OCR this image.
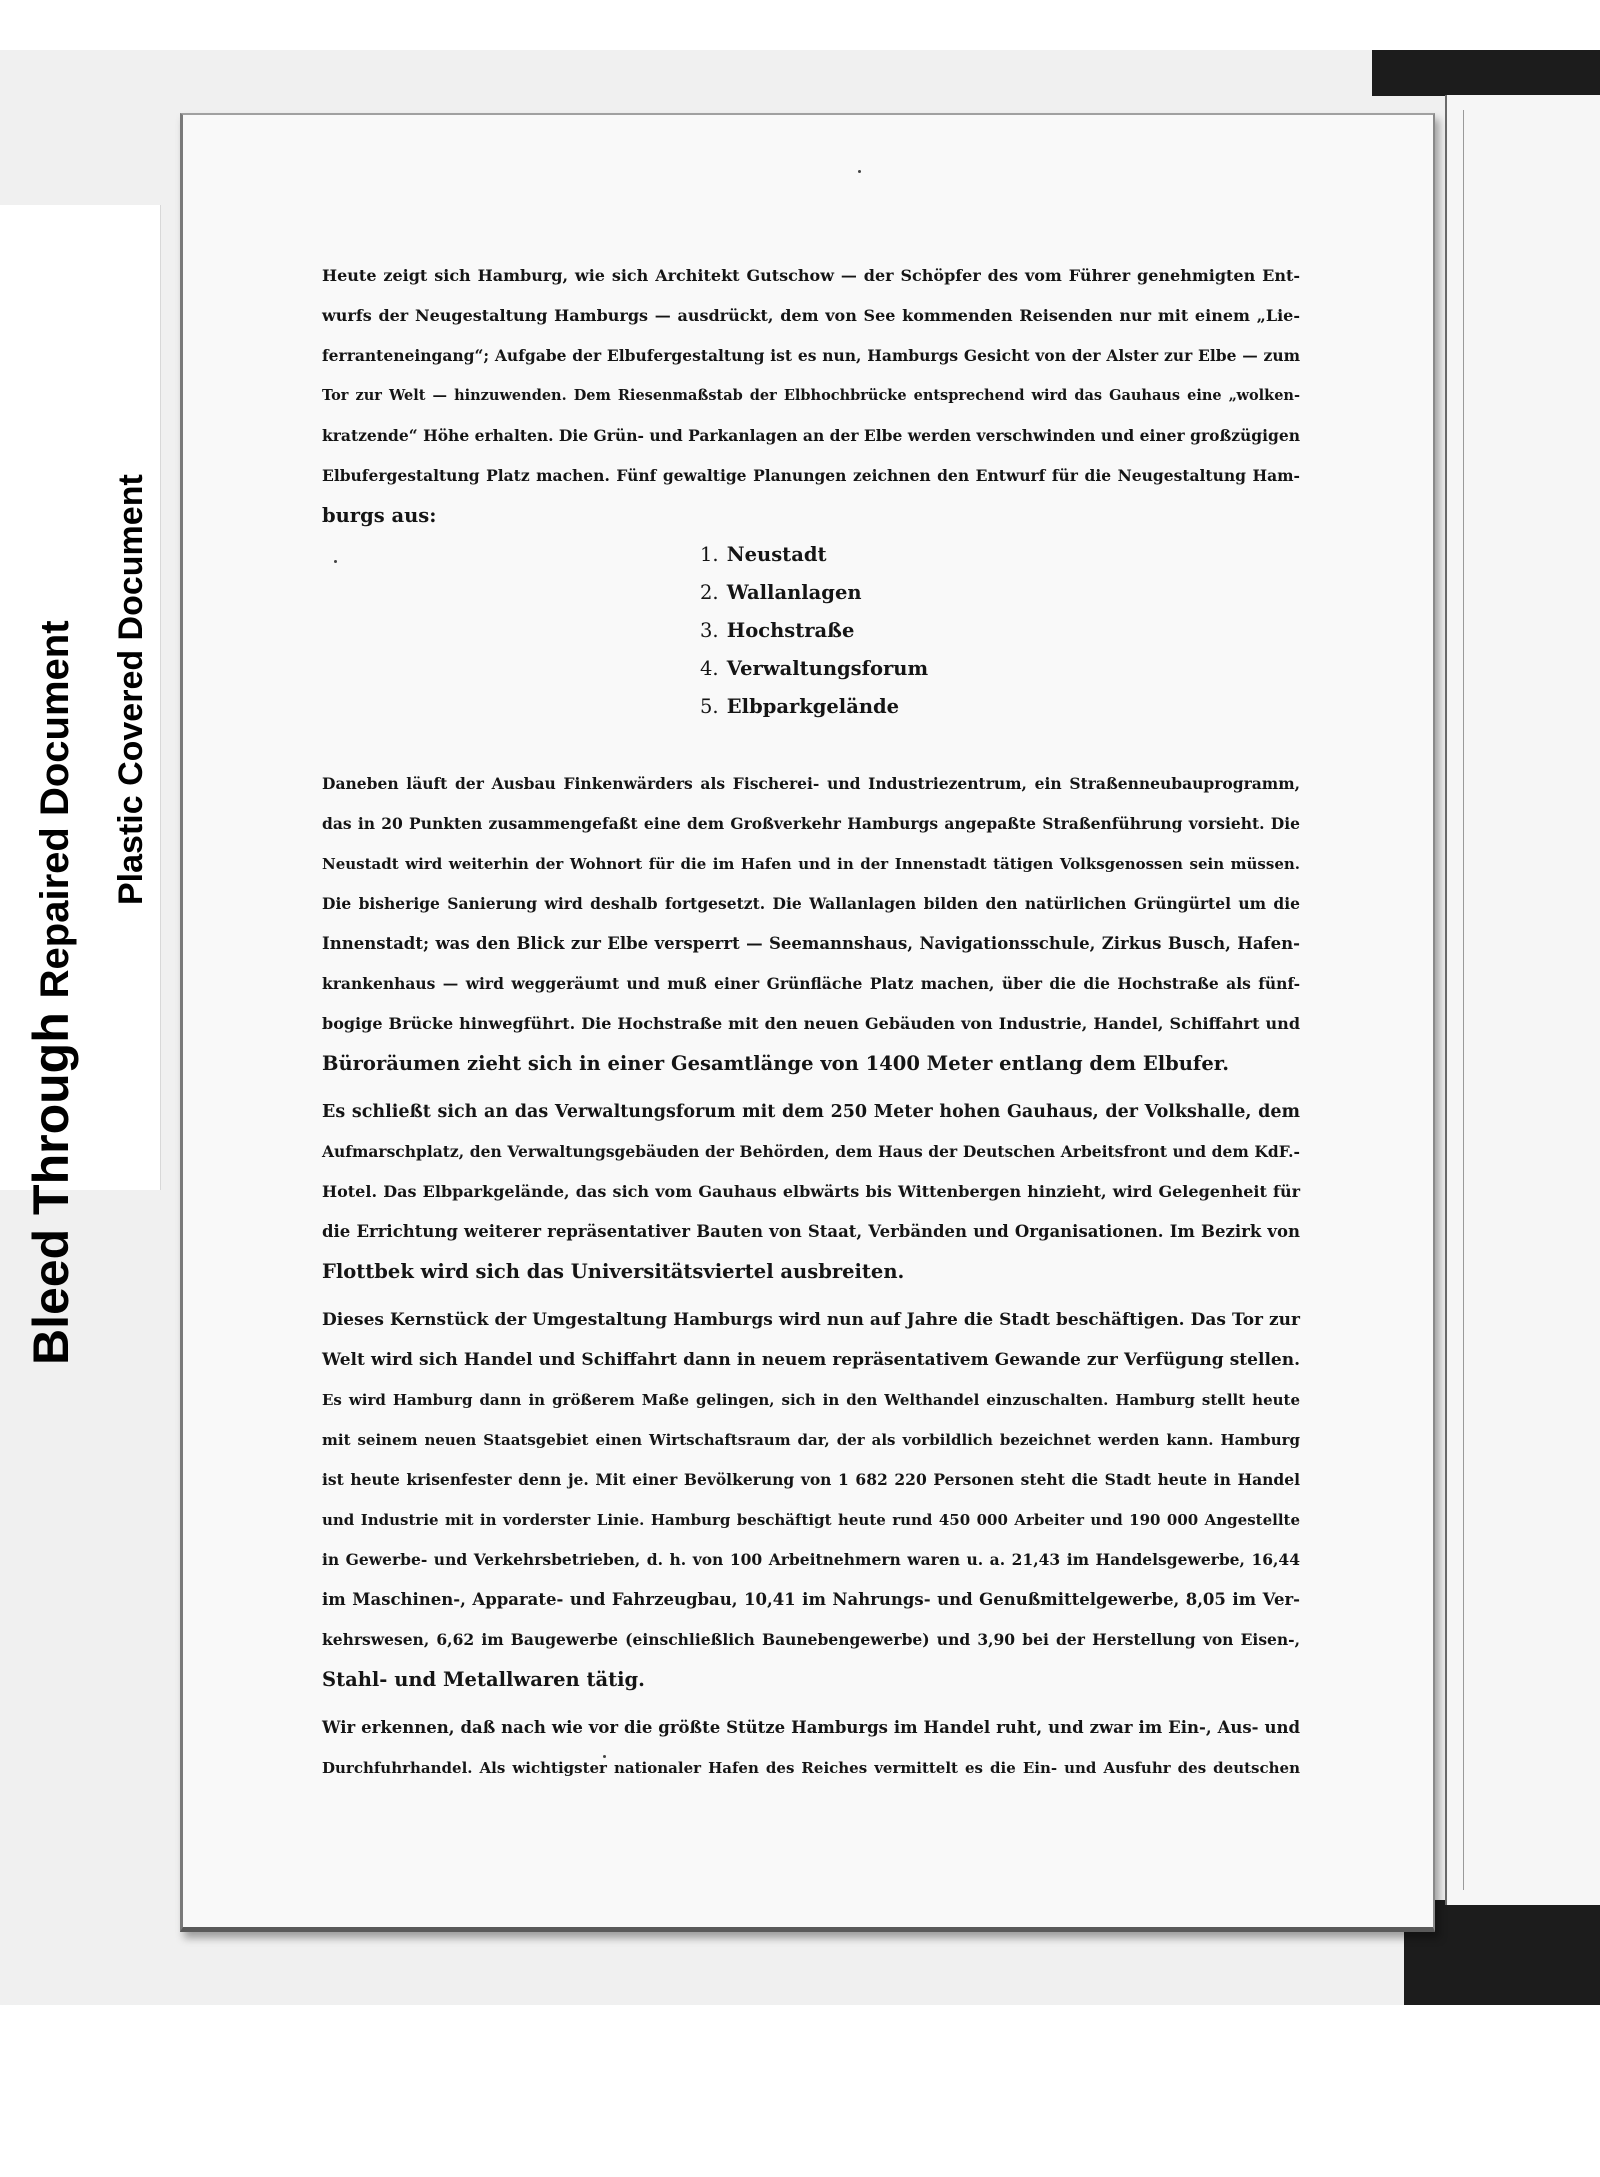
Bleed Through Repaired Document Plastic Covered Document
Heute zeigt sich Hamburg, wie sich Architekt Gutschow — der Schöpfer des vom Führer genehmigten Ent-
wurfs der Neugestaltung Hamburgs — ausdrückt, dem von See kommenden Reisenden nur mit einem „Lie-
ferranteneingang“; Aufgabe der Elbufergestaltung ist es nun, Hamburgs Gesicht von der Alster zur Elbe — zum
Tor zur Welt — hinzuwenden. Dem Riesenmaßstab der Elbhochbrücke entsprechend wird das Gauhaus eine „wolken-
kratzende“ Höhe erhalten. Die Grün- und Parkanlagen an der Elbe werden verschwinden und einer großzügigen
Elbufergestaltung Platz machen. Fünf gewaltige Planungen zeichnen den Entwurf für die Neugestaltung Ham-
burgs aus:
1. Neustadt
2. Wallanlagen
3. Hochstraße
4. Verwaltungsforum
5. Elbparkgelände
Daneben läuft der Ausbau Finkenwärders als Fischerei- und Industriezentrum, ein Straßenneubauprogramm,
das in 20 Punkten zusammengefaßt eine dem Großverkehr Hamburgs angepaßte Straßenführung vorsieht. Die
Neustadt wird weiterhin der Wohnort für die im Hafen und in der Innenstadt tätigen Volksgenossen sein müssen.
Die bisherige Sanierung wird deshalb fortgesetzt. Die Wallanlagen bilden den natürlichen Grüngürtel um die
Innenstadt; was den Blick zur Elbe versperrt — Seemannshaus, Navigationsschule, Zirkus Busch, Hafen-
krankenhaus — wird weggeräumt und muß einer Grünfläche Platz machen, über die die Hochstraße als fünf-
bogige Brücke hinwegführt. Die Hochstraße mit den neuen Gebäuden von Industrie, Handel, Schiffahrt und
Büroräumen zieht sich in einer Gesamtlänge von 1400 Meter entlang dem Elbufer.
Es schließt sich an das Verwaltungsforum mit dem 250 Meter hohen Gauhaus, der Volkshalle, dem
Aufmarschplatz, den Verwaltungsgebäuden der Behörden, dem Haus der Deutschen Arbeitsfront und dem KdF.-
Hotel. Das Elbparkgelände, das sich vom Gauhaus elbwärts bis Wittenbergen hinzieht, wird Gelegenheit für
die Errichtung weiterer repräsentativer Bauten von Staat, Verbänden und Organisationen. Im Bezirk von
Flottbek wird sich das Universitätsviertel ausbreiten.
Dieses Kernstück der Umgestaltung Hamburgs wird nun auf Jahre die Stadt beschäftigen. Das Tor zur
Welt wird sich Handel und Schiffahrt dann in neuem repräsentativem Gewande zur Verfügung stellen.
Es wird Hamburg dann in größerem Maße gelingen, sich in den Welthandel einzuschalten. Hamburg stellt heute
mit seinem neuen Staatsgebiet einen Wirtschaftsraum dar, der als vorbildlich bezeichnet werden kann. Hamburg
ist heute krisenfester denn je. Mit einer Bevölkerung von 1 682 220 Personen steht die Stadt heute in Handel
und Industrie mit in vorderster Linie. Hamburg beschäftigt heute rund 450 000 Arbeiter und 190 000 Angestellte
in Gewerbe- und Verkehrsbetrieben, d. h. von 100 Arbeitnehmern waren u. a. 21,43 im Handelsgewerbe, 16,44
im Maschinen-, Apparate- und Fahrzeugbau, 10,41 im Nahrungs- und Genußmittelgewerbe, 8,05 im Ver-
kehrswesen, 6,62 im Baugewerbe (einschließlich Baunebengewerbe) und 3,90 bei der Herstellung von Eisen-,
Stahl- und Metallwaren tätig.
Wir erkennen, daß nach wie vor die größte Stütze Hamburgs im Handel ruht, und zwar im Ein-, Aus- und
Durchfuhrhandel. Als wichtigster nationaler Hafen des Reiches vermittelt es die Ein- und Ausfuhr des deutschen
